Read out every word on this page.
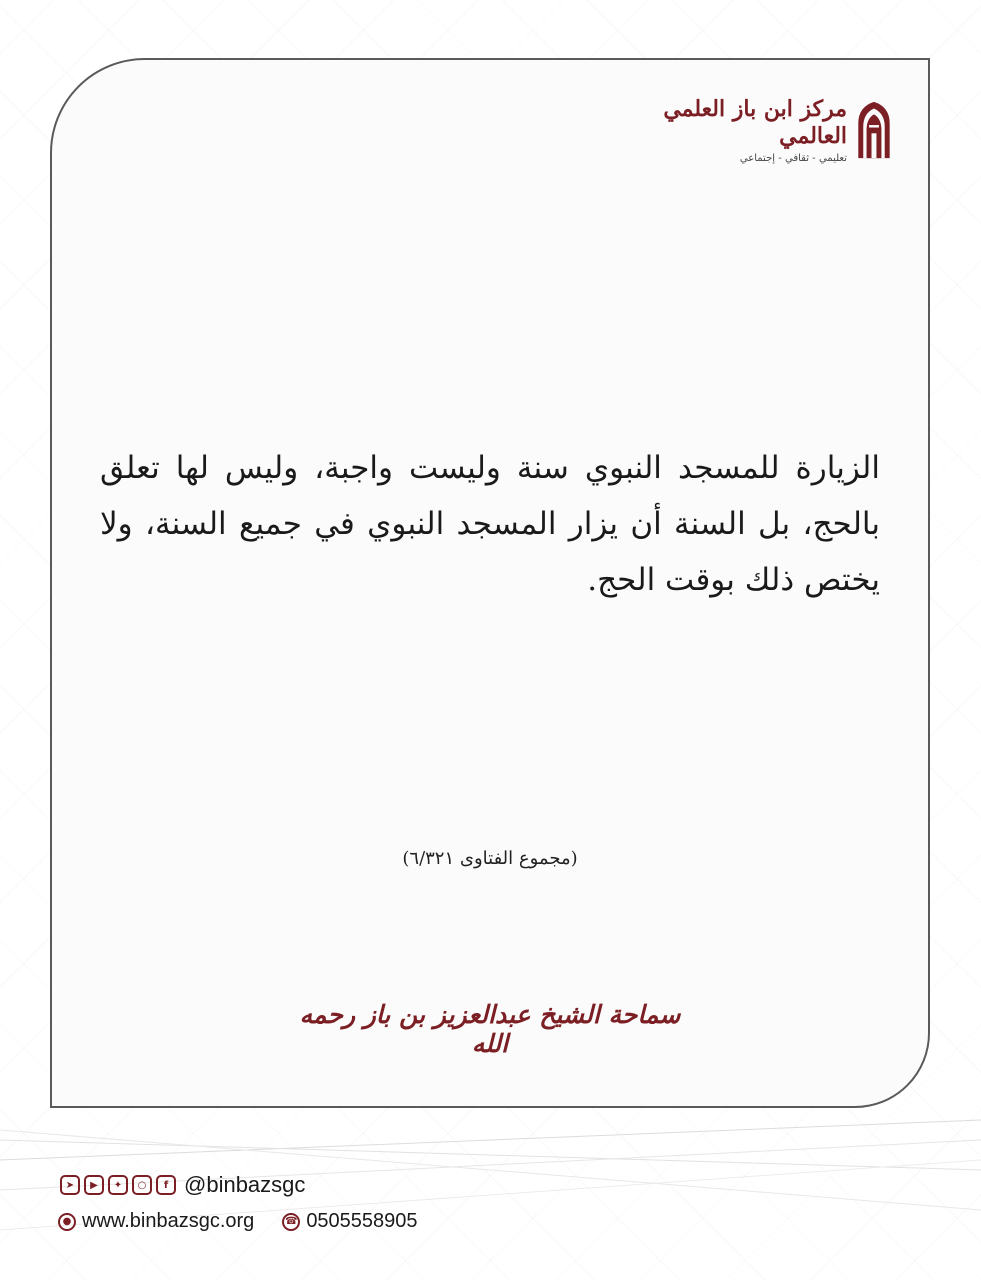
مركز ابن باز العلمي العالمي
تعليمي - ثقافي - إجتماعي
الزيارة للمسجد النبوي سنة وليست واجبة، وليس لها تعلق بالحج، بل السنة أن يزار المسجد النبوي في جميع السنة، ولا يختص ذلك بوقت الحج.
(مجموع الفتاوى ٦/٣٢١)
سماحة الشيخ عبدالعزيز بن باز رحمه الله
➤	▶	✦	○	f @binbazsgc
● www.binbazsgc.org	☎ 0505558905
